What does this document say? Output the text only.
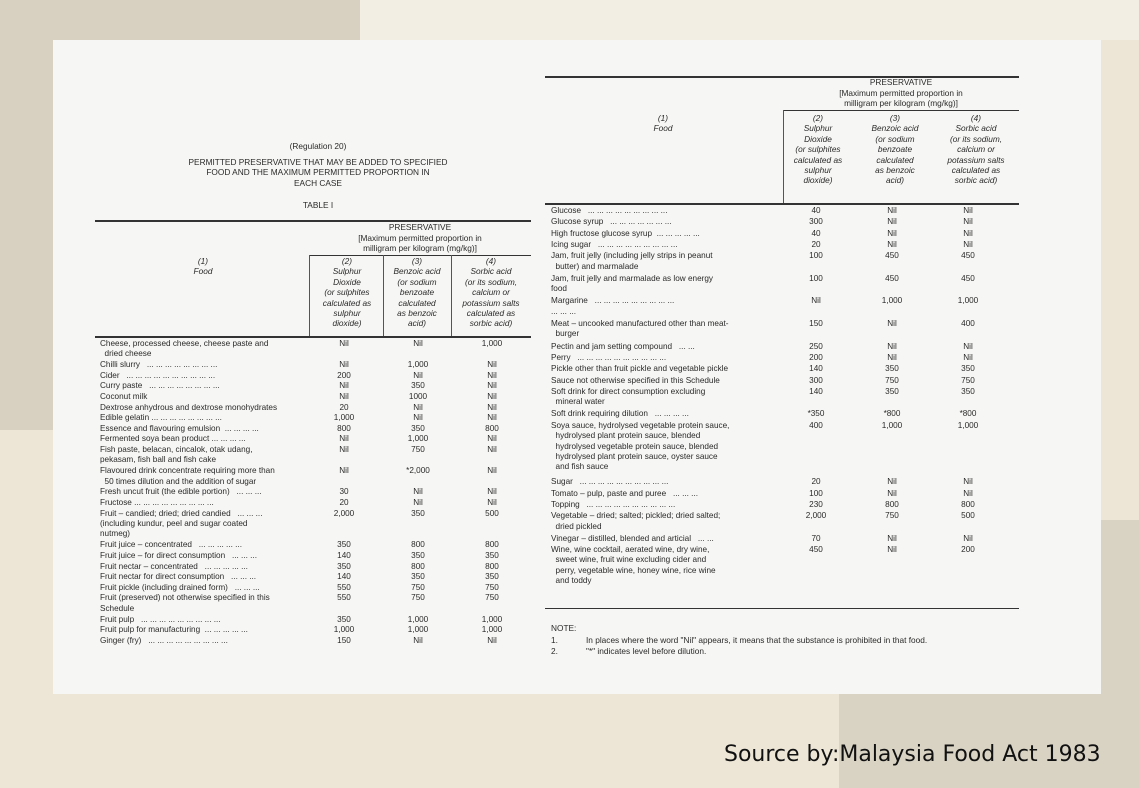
(Regulation 20)
PERMITTED PRESERVATIVE THAT MAY BE ADDED TO SPECIFIED
FOOD AND THE MAXIMUM PERMITTED PROPORTION IN
EACH CASE
TABLE I
PRESERVATIVE
[Maximum permitted proportion in
milligram per kilogram (mg/kg)]
(1)
Food
(2)
Sulphur
Dioxide
(or sulphites
calculated as
sulphur
dioxide)
(3)
Benzoic acid
(or sodium
benzoate
calculated
as benzoic
acid)
(4)
Sorbic acid
(or its sodium,
calcium or
potassium salts
calculated as
sorbic acid)
Cheese, processed cheese, cheese paste and
dried cheese
Nil	Nil	1,000
Chilli slurry   ... ... ... ... ... ... ... ...	Nil	1,000	Nil
Cider   ... ... ... ... ... ... ... ... ... ...	200	Nil	Nil
Curry paste   ... ... ... ... ... ... ... ...	Nil	350	Nil
Coconut milk	Nil	1000	Nil
Dextrose anhydrous and dextrose monohydrates	20	Nil	Nil
Edible gelatin ... ... ... ... ... ... ... ...	1,000	Nil	Nil
Essence and flavouring emulsion  ... ... ... ...	800	350	800
Fermented soya bean product ... ... ... ...	Nil	1,000	Nil
Fish paste, belacan, cincalok, otak udang,
pekasam, fish ball and fish cake
Nil	750	Nil
Flavoured drink concentrate requiring more than
50 times dilution and the addition of sugar
Nil	*2,000	Nil
Fresh uncut fruit (the edible portion)   ... ... ...	30	Nil	Nil
Fructose ... ... ... ... ... ... ... ... ...	20	Nil	Nil
Fruit – candied; dried; dried candied   ... ... ...
(including kundur, peel and sugar coated
nutmeg)
2,000	350	500
Fruit juice – concentrated   ... ... ... ... ...	350	800	800
Fruit juice – for direct consumption   ... ... ...	140	350	350
Fruit nectar – concentrated   ... ... ... ... ...	350	800	800
Fruit nectar for direct consumption   ... ... ...	140	350	350
Fruit pickle (including drained form)   ... ... ...	550	750	750
Fruit (preserved) not otherwise specified in this
Schedule
550	750	750
Fruit pulp   ... ... ... ... ... ... ... ... ...	350	1,000	1,000
Fruit pulp for manufacturing  ... ... ... ... ...	1,000	1,000	1,000
Ginger (fry)   ... ... ... ... ... ... ... ... ...	150	Nil	Nil
PRESERVATIVE
[Maximum permitted proportion in
milligram per kilogram (mg/kg)]
(1)
Food
(2)
Sulphur
Dioxide
(or sulphites
calculated as
sulphur
dioxide)
(3)
Benzoic acid
(or sodium
benzoate
calculated
as benzoic
acid)
(4)
Sorbic acid
(or its sodium,
calcium or
potassium salts
calculated as
sorbic acid)
Glucose   ... ... ... ... ... ... ... ... ...	40	Nil	Nil
Glucose syrup   ... ... ... ... ... ... ...	300	Nil	Nil
High fructose glucose syrup  ... ... ... ... ...	40	Nil	Nil
Icing sugar   ... ... ... ... ... ... ... ... ...	20	Nil	Nil
Jam, fruit jelly (including jelly strips in peanut
butter) and marmalade
100	450	450
Jam, fruit jelly and marmalade as low energy
food
100	450	450
Margarine   ... ... ... ... ... ... ... ... ...
... ... ...
Nil	1,000	1,000
Meat – uncooked manufactured other than meat-
burger
150	Nil	400
Pectin and jam setting compound   ... ...	250	Nil	Nil
Perry   ... ... ... ... ... ... ... ... ... ...	200	Nil	Nil
Pickle other than fruit pickle and vegetable pickle	140	350	350
Sauce not otherwise specified in this Schedule	300	750	750
Soft drink for direct consumption excluding
mineral water
140	350	350
Soft drink requiring dilution   ... ... ... ...	*350	*800	*800
Soya sauce, hydrolysed vegetable protein sauce,
hydrolysed plant protein sauce, blended
hydrolysed vegetable protein sauce, blended
hydrolysed plant protein sauce, oyster sauce
and fish sauce
400	1,000	1,000
Sugar   ... ... ... ... ... ... ... ... ... ...	20	Nil	Nil
Tomato – pulp, paste and puree   ... ... ...	100	Nil	Nil
Topping   ... ... ... ... ... ... ... ... ... ...	230	800	800
Vegetable – dried; salted; pickled; dried salted;
dried pickled
2,000	750	500
Vinegar – distilled, blended and articial   ... ...	70	Nil	Nil
Wine, wine cocktail, aerated wine, dry wine,
sweet wine, fruit wine excluding cider and
perry, vegetable wine, honey wine, rice wine
and toddy
450	Nil	200
NOTE:
1.	In places where the word "Nil" appears, it means that the substance is prohibited in that food.
2.	"*" indicates level before dilution.
Source by:Malaysia Food Act 1983
